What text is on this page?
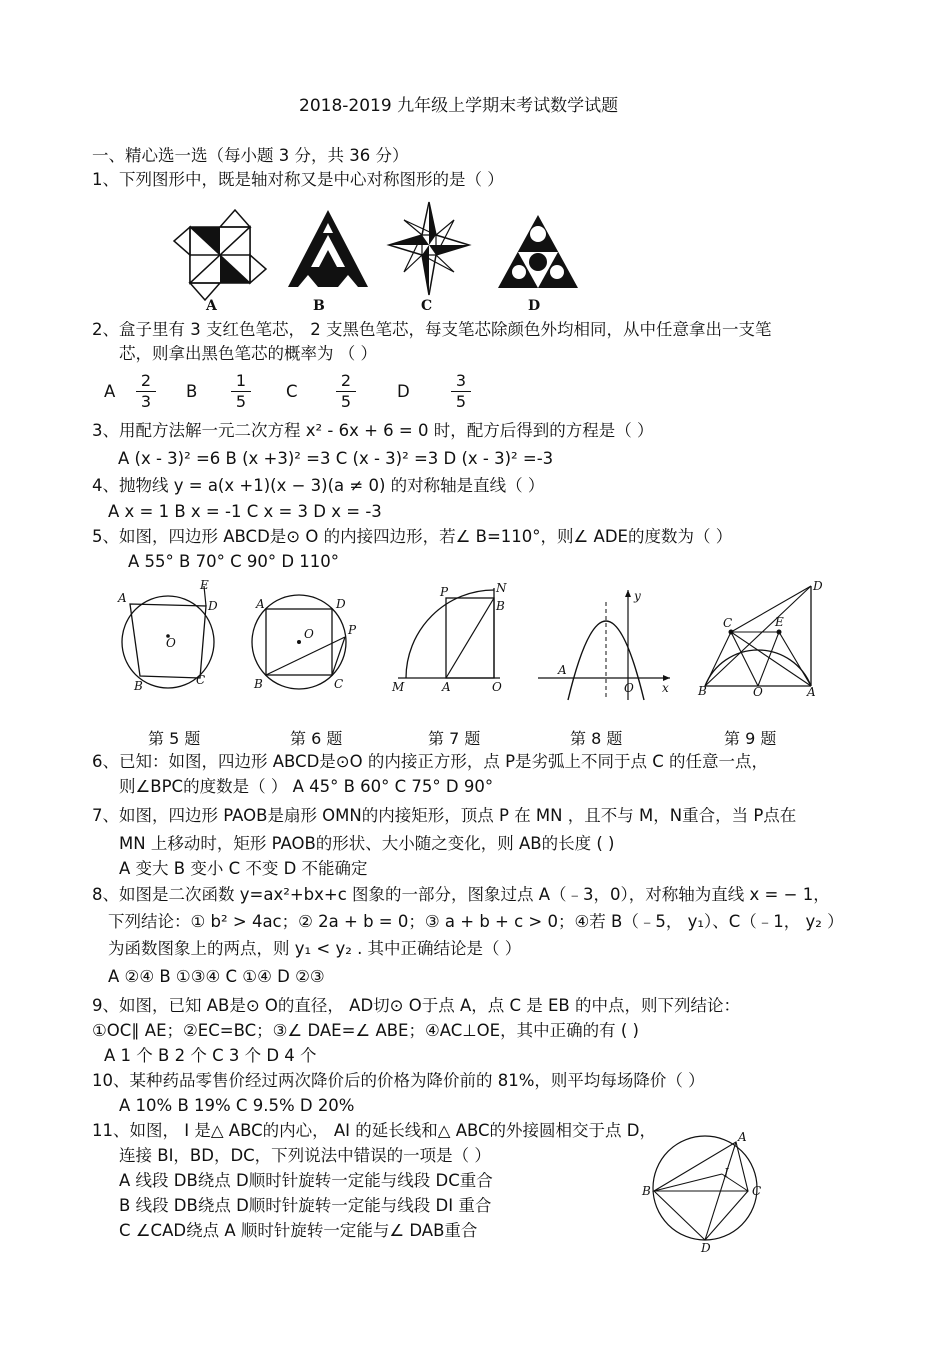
2018-2019 九年级上学期末考试数学试题
一、精心选一选（每小题 3 分，共 36 分）
1、下列图形中，既是轴对称又是中心对称图形的是（ ）
A	B	C	D
2、盒子里有 3 支红色笔芯， 2 支黑色笔芯，每支笔芯除颜色外均相同，从中任意拿出一支笔
芯，则拿出黑色笔芯的概率为 （ ）
A $\frac{2}{3}$ B $\frac{1}{5}$ C $\frac{2}{5}$ D	$\frac{3}{5}$
3、用配方法解一元二次方程 x² - 6x + 6 = 0 时，配方后得到的方程是（ ）
A (x - 3)² =6 B (x +3)² =3 C (x - 3)² =3 D (x - 3)² =-3
4、抛物线 y = a(x +1)(x − 3)(a ≠ 0) 的对称轴是直线（ ）
A x = 1 B x = -1 C x = 3 D x = -3
5、如图，四边形 ABCD是⊙ O 的内接四边形，若∠ B=110°，则∠ ADE的度数为（ ）
A 55° B 70° C 90° D 110°
A
E
D
O
B	C
A	D
O	P
B	C
P	N
B
M	A	O
y
A
O x
D
C	E
B	O	A
第 5 题	第 6 题	第 7 题	第 8 题	第 9 题
6、已知：如图，四边形 ABCD是⊙O 的内接正方形，点 P是劣弧上不同于点 C 的任意一点，
则∠BPC的度数是（ ） A 45° B 60° C 75° D 90°
7、如图，四边形 PAOB是扇形 OMN的内接矩形，顶点 P 在 MN ，且不与 M，N重合，当 P点在
MN 上移动时，矩形 PAOB的形状、大小随之变化，则 AB的长度 ( )
A 变大 B 变小 C 不变 D 不能确定
8、如图是二次函数 y=ax²+bx+c 图象的一部分，图象过点 A（﹣3，0），对称轴为直线 x = − 1，
下列结论：① b² > 4ac；② 2a + b = 0；③ a + b + c > 0；④若 B（﹣5， y₁）、C（﹣1， y₂ ）
为函数图象上的两点，则 y₁ < y₂ . 其中正确结论是（ ）
A ②④ B ①③④ C ①④ D ②③
9、如图，已知 AB是⊙ O的直径， AD切⊙ O于点 A，点 C 是 EB 的中点，则下列结论：
①OC∥ AE；②EC=BC；③∠ DAE=∠ ABE；④AC⊥OE，其中正确的有 ( )
A 1 个 B 2 个 C 3 个 D 4 个
10、某种药品零售价经过两次降价后的价格为降价前的 81%，则平均每场降价（ ）
A 10% B 19% C 9.5% D 20%
11、如图， I 是△ ABC的内心， AI 的延长线和△ ABC的外接圆相交于点 D，
连接 BI，BD，DC，下列说法中错误的一项是（ ）
A 线段 DB绕点 D顺时针旋转一定能与线段 DC重合
B 线段 DB绕点 D顺时针旋转一定能与线段 DI 重合
C ∠CAD绕点 A 顺时针旋转一定能与∠ DAB重合
A
I
B	C
D
